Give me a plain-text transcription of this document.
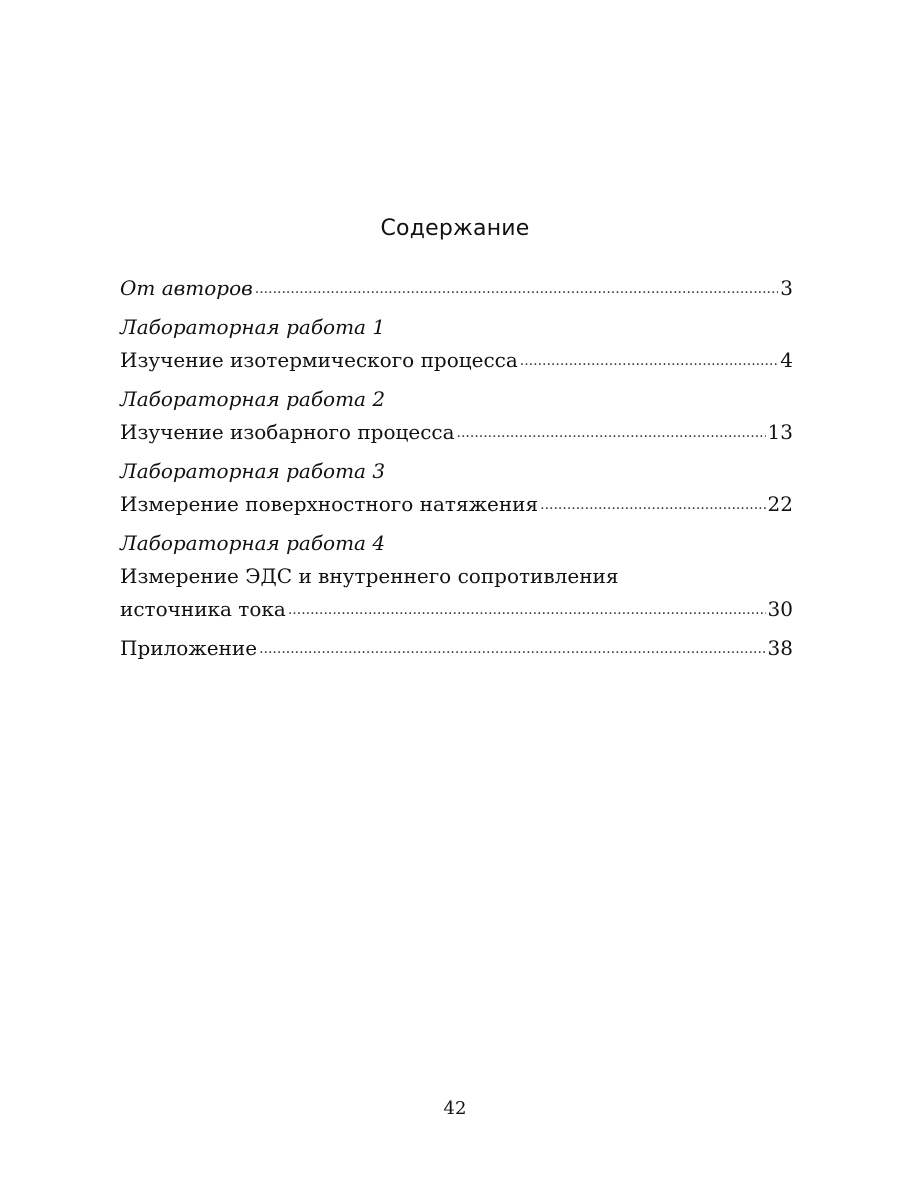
Содержание
От авторов .....	3
Лабораторная работа 1
Изучение изотермического процесса .....	4
Лабораторная работа 2
Изучение изобарного процесса .....	13
Лабораторная работа 3
Измерение поверхностного натяжения .....	22
Лабораторная работа 4
Измерение ЭДС и внутреннего сопротивления
источника тока .....	30
Приложение .....	38
42
